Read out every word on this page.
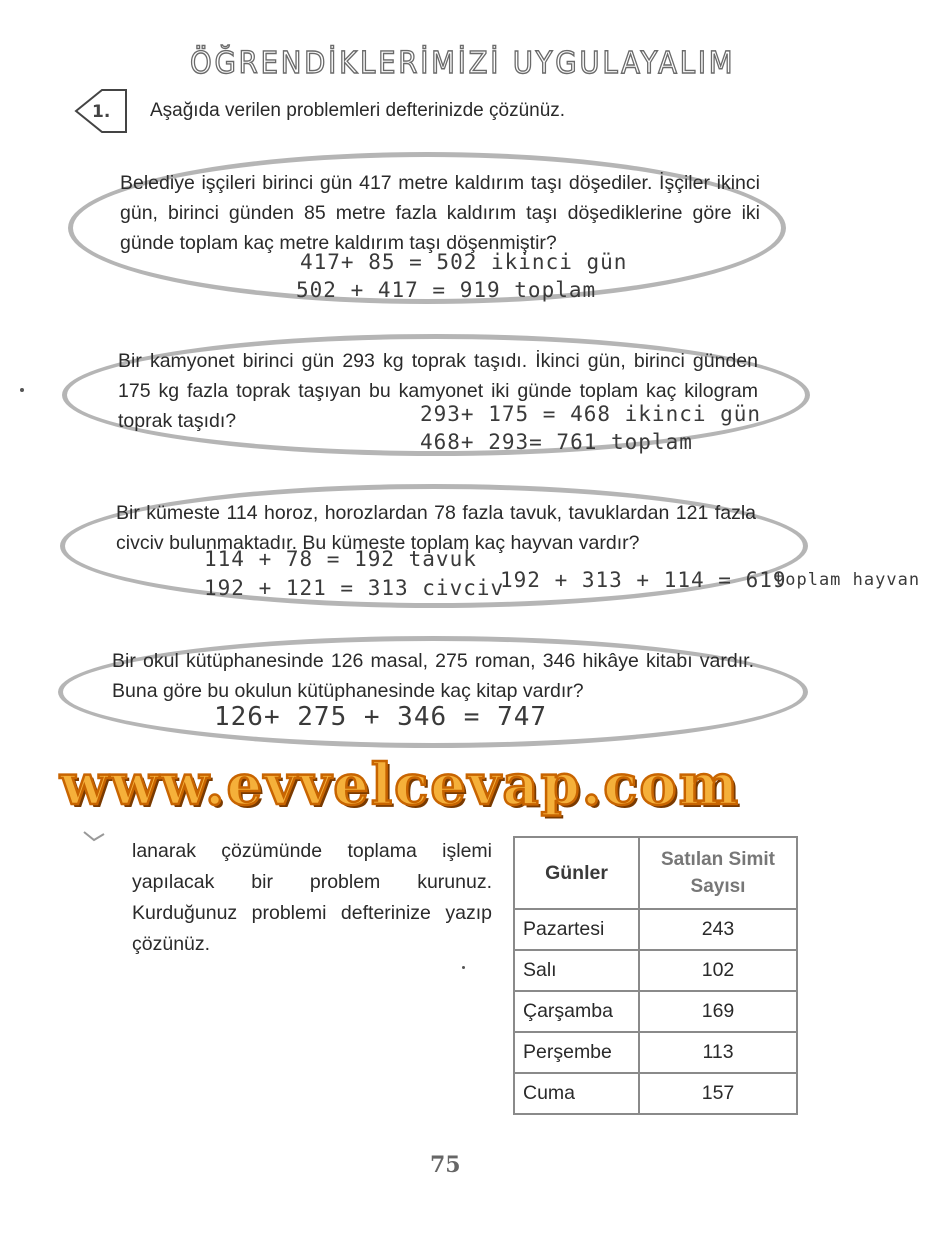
ÖĞRENDİKLERİMİZİ UYGULAYALIM
1. Aşağıda verilen problemleri defterinizde çözünüz.
Belediye işçileri birinci gün 417 metre kaldırım taşı döşediler. İşçiler ikinci gün, birinci günden 85 metre fazla kaldırım taşı döşediklerine göre iki günde toplam kaç metre kaldırım taşı döşenmiştir?
417+ 85 = 502 ikinci gün
502 + 417 = 919 toplam
Bir kamyonet birinci gün 293 kg toprak taşıdı. İkinci gün, birinci günden 175 kg fazla toprak taşıyan bu kamyonet iki günde toplam kaç kilogram toprak taşıdı?	293+ 175 = 468 ikinci gün
468+ 293= 761 toplam
Bir kümeste 114 horoz, horozlardan 78 fazla tavuk, tavuklardan 121 fazla civciv bulunmaktadır. Bu kümeste toplam kaç hayvan vardır?
114 + 78 = 192 tavuk
192 + 121 = 313 civciv
192 + 313 + 114 = 619
toplam hayvan
Bir okul kütüphanesinde 126 masal, 275 roman, 346 hikâye kitabı vardır. Buna göre bu okulun kütüphanesinde kaç kitap vardır?
126+ 275 + 346 = 747
www.evvelcevap.com
lanarak çözümünde toplama işlemi yapılacak bir problem kurunuz. Kurduğunuz problemi defterinize yazıp çözünüz.
Günler	Satılan Simit Sayısı
Pazartesi	243
Salı	102
Çarşamba	169
Perşembe	113
Cuma	157
75
